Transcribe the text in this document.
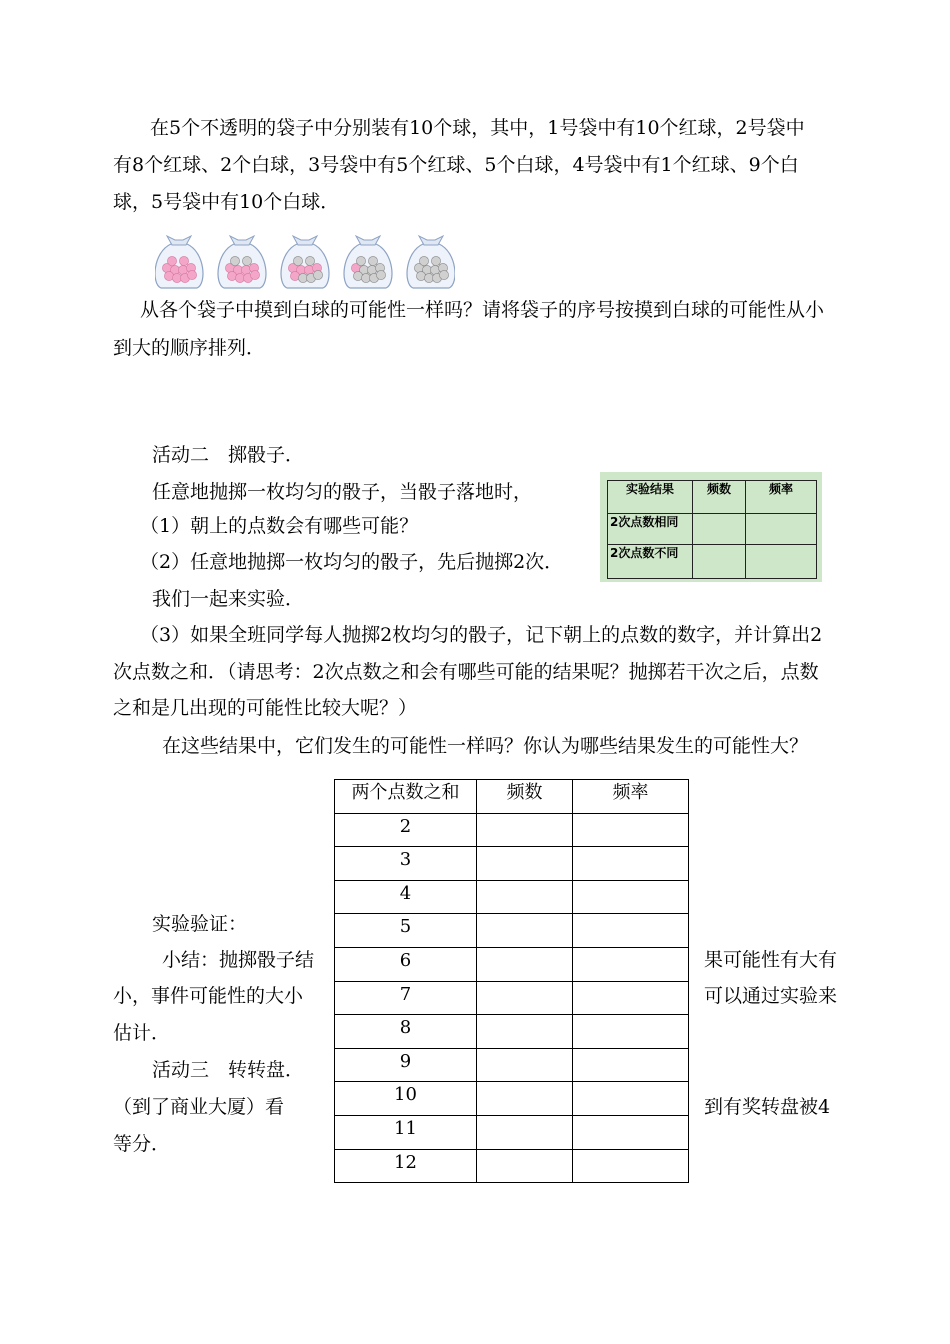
在5个不透明的袋子中分别装有10个球，其中，1号袋中有10个红球，2号袋中
有8个红球、2个白球，3号袋中有5个红球、5个白球，4号袋中有1个红球、9个白
球，5号袋中有10个白球．
从各个袋子中摸到白球的可能性一样吗？请将袋子的序号按摸到白球的可能性从小
到大的顺序排列．
活动二　掷骰子．
任意地抛掷一枚均匀的骰子，当骰子落地时，
（1）朝上的点数会有哪些可能？
（2）任意地抛掷一枚均匀的骰子，先后抛掷2次．
我们一起来实验．
（3）如果全班同学每人抛掷2枚均匀的骰子，记下朝上的点数的数字，并计算出2
次点数之和．（请思考：2次点数之和会有哪些可能的结果呢？抛掷若干次之后，点数
之和是几出现的可能性比较大呢？）
在这些结果中，它们发生的可能性一样吗？你认为哪些结果发生的可能性大？
实验结果	频数	频率
2次点数相同		
2次点数不同		
两个点数之和	频数	频率
2		
3		
4		
5		
6		
7		
8		
9		
10		
11		
12		
实验验证：
小结：抛掷骰子结
小，事件可能性的大小
估计．
活动三　转转盘．
（到了商业大厦）看
等分．
果可能性有大有
可以通过实验来
到有奖转盘被4
